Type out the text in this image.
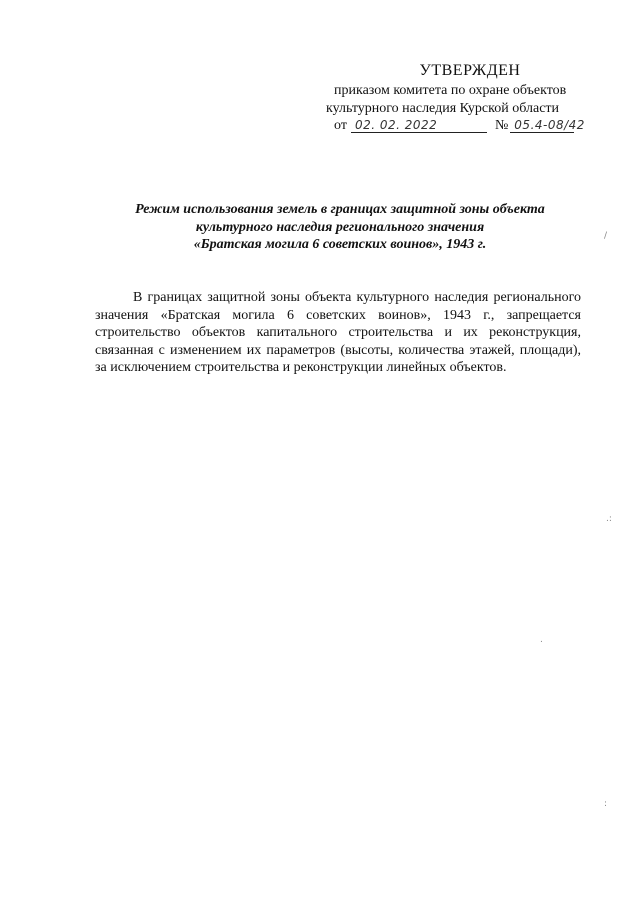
УТВЕРЖДЕН
приказом комитета по охране объектов
культурного наследия Курской области
от 02. 02. 2022	№ 05.4-08/42
Режим использования земель в границах защитной зоны объекта
культурного наследия регионального значения
«Братская могила 6 советских воинов», 1943 г.

В границах защитной зоны объекта культурного наследия регионального значения «Братская могила 6 советских воинов», 1943 г., запрещается строительство объектов капитального строительства и их реконструкция, связанная с изменением их параметров (высоты, количества этажей, площади), за исключением строительства и реконструкции линейных объектов.

/
.:
.
:
